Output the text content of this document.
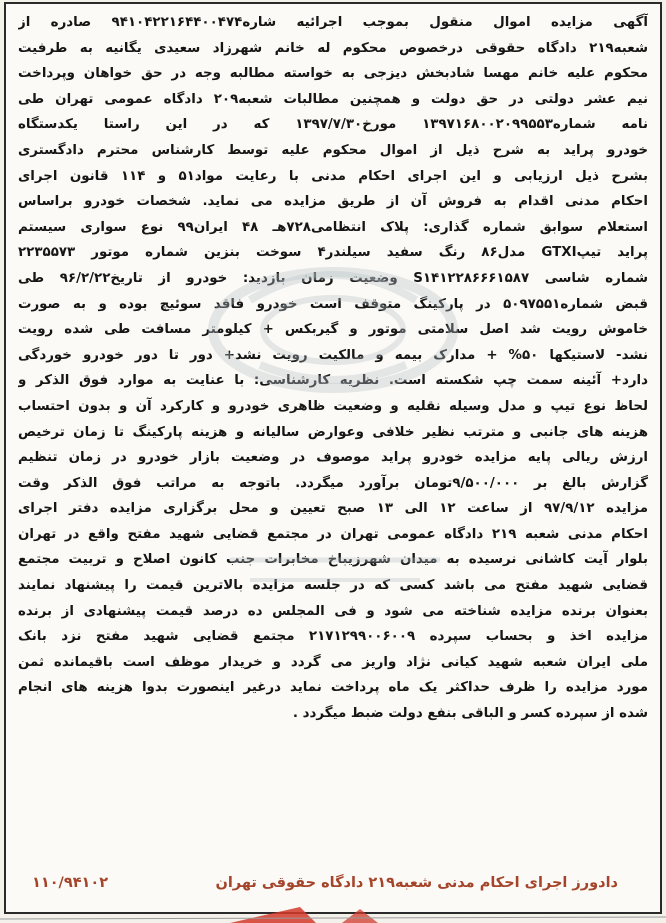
آگهی مزایده اموال منقول بموجب اجرائیه شاره۹۴۱۰۴۲۲۱۶۴۴۰۰۴۷۴ صادره از
شعبه۲۱۹ دادگاه حقوقی درخصوص محکوم له خانم شهرزاد سعیدی یگانیه به طرفیت
محکوم علیه خانم مهسا شادبخش دیزجی به خواسته مطالبه وجه در حق خواهان وپرداخت
نیم عشر دولتی در حق دولت و همچنین مطالبات شعبه۲۰۹ دادگاه عمومی تهران طی
نامه شماره۱۳۹۷۱۶۸۰۰۲۰۹۹۵۵۳ مورخ۱۳۹۷/۷/۳۰ که در این راستا یکدستگاه
خودرو پراید به شرح ذیل از اموال محکوم علیه توسط کارشناس محترم دادگستری
بشرح ذیل ارزیابی و این اجرای احکام مدنی با رعایت مواد۵۱ و ۱۱۴ قانون اجرای
احکام مدنی اقدام به فروش آن از طریق مزایده می نماید. شخصات خودرو براساس
استعلام سوابق شماره گذاری: پلاک انتظامی۷۲۸هـ ۴۸ ایران۹۹ نوع سواری سیستم
پراید تیپGTXI مدل۸۶ رنگ سفید سیلندر۴ سوخت بنزین شماره موتور ۲۲۳۵۵۷۳
شماره شاسی S۱۴۱۲۲۸۶۶۶۱۵۸۷ وضعیت زمان بازدید: خودرو از تاریخ۹۶/۲/۲۲ طی
قبض شماره۵۰۹۷۵۵۱ در پارکینگ متوقف است خودرو فاقد سوئیچ بوده و به صورت
خاموش رویت شد اصل سلامتی موتور و گیربکس + کیلومتر مسافت طی شده رویت
نشد- لاستیکها ۵۰% + مدارک بیمه و مالکیت رویت نشد+ دور تا دور خودرو خوردگی
دارد+ آئینه سمت چپ شکسته است. نظریه کارشناسی: با عنایت به موارد فوق الذکر و
لحاظ نوع تیپ و مدل وسیله نقلیه و وضعیت ظاهری خودرو و کارکرد آن و بدون احتساب
هزینه های جانبی و مترتب نظیر خلافی وعوارض سالیانه و هزینه پارکینگ تا زمان ترخیص
ارزش ریالی پایه مزایده خودرو پراید موصوف در وضعیت بازار خودرو در زمان تنظیم
گزارش بالغ بر ۹/۵۰۰/۰۰۰تومان برآورد میگردد. باتوجه به مراتب فوق الذکر وقت
مزایده ۹۷/۹/۱۲ از ساعت ۱۲ الی ۱۳ صبح تعیین و محل برگزاری مزایده دفتر اجرای
احکام مدنی شعبه ۲۱۹ دادگاه عمومی تهران در مجتمع قضایی شهید مفتح واقع در تهران
بلوار آیت کاشانی نرسیده به میدان شهرزیباخ مخابرات جنب کانون اصلاح و تربیت مجتمع
قضایی شهید مفتح می باشد کسی که در جلسه مزایده بالاترین قیمت را پیشنهاد نمایند
بعنوان برنده مزایده شناخته می شود و فی المجلس ده درصد قیمت پیشنهادی از برنده
مزایده اخذ و بحساب سپرده ۲۱۷۱۲۹۹۰۰۶۰۰۹ مجتمع قضایی شهید مفتح نزد بانک
ملی ایران شعبه شهید کیانی نژاد واریز می گردد و خریدار موظف است باقیمانده ثمن
مورد مزایده را ظرف حداکثر یک ماه پرداخت نماید درغیر اینصورت بدوا هزینه های انجام
شده از سپرده کسر و الباقی بنفع دولت ضبط میگردد .
دادورز اجرای احکام مدنی شعبه۲۱۹ دادگاه حقوقی تهران
۱۱۰/۹۴۱۰۲
